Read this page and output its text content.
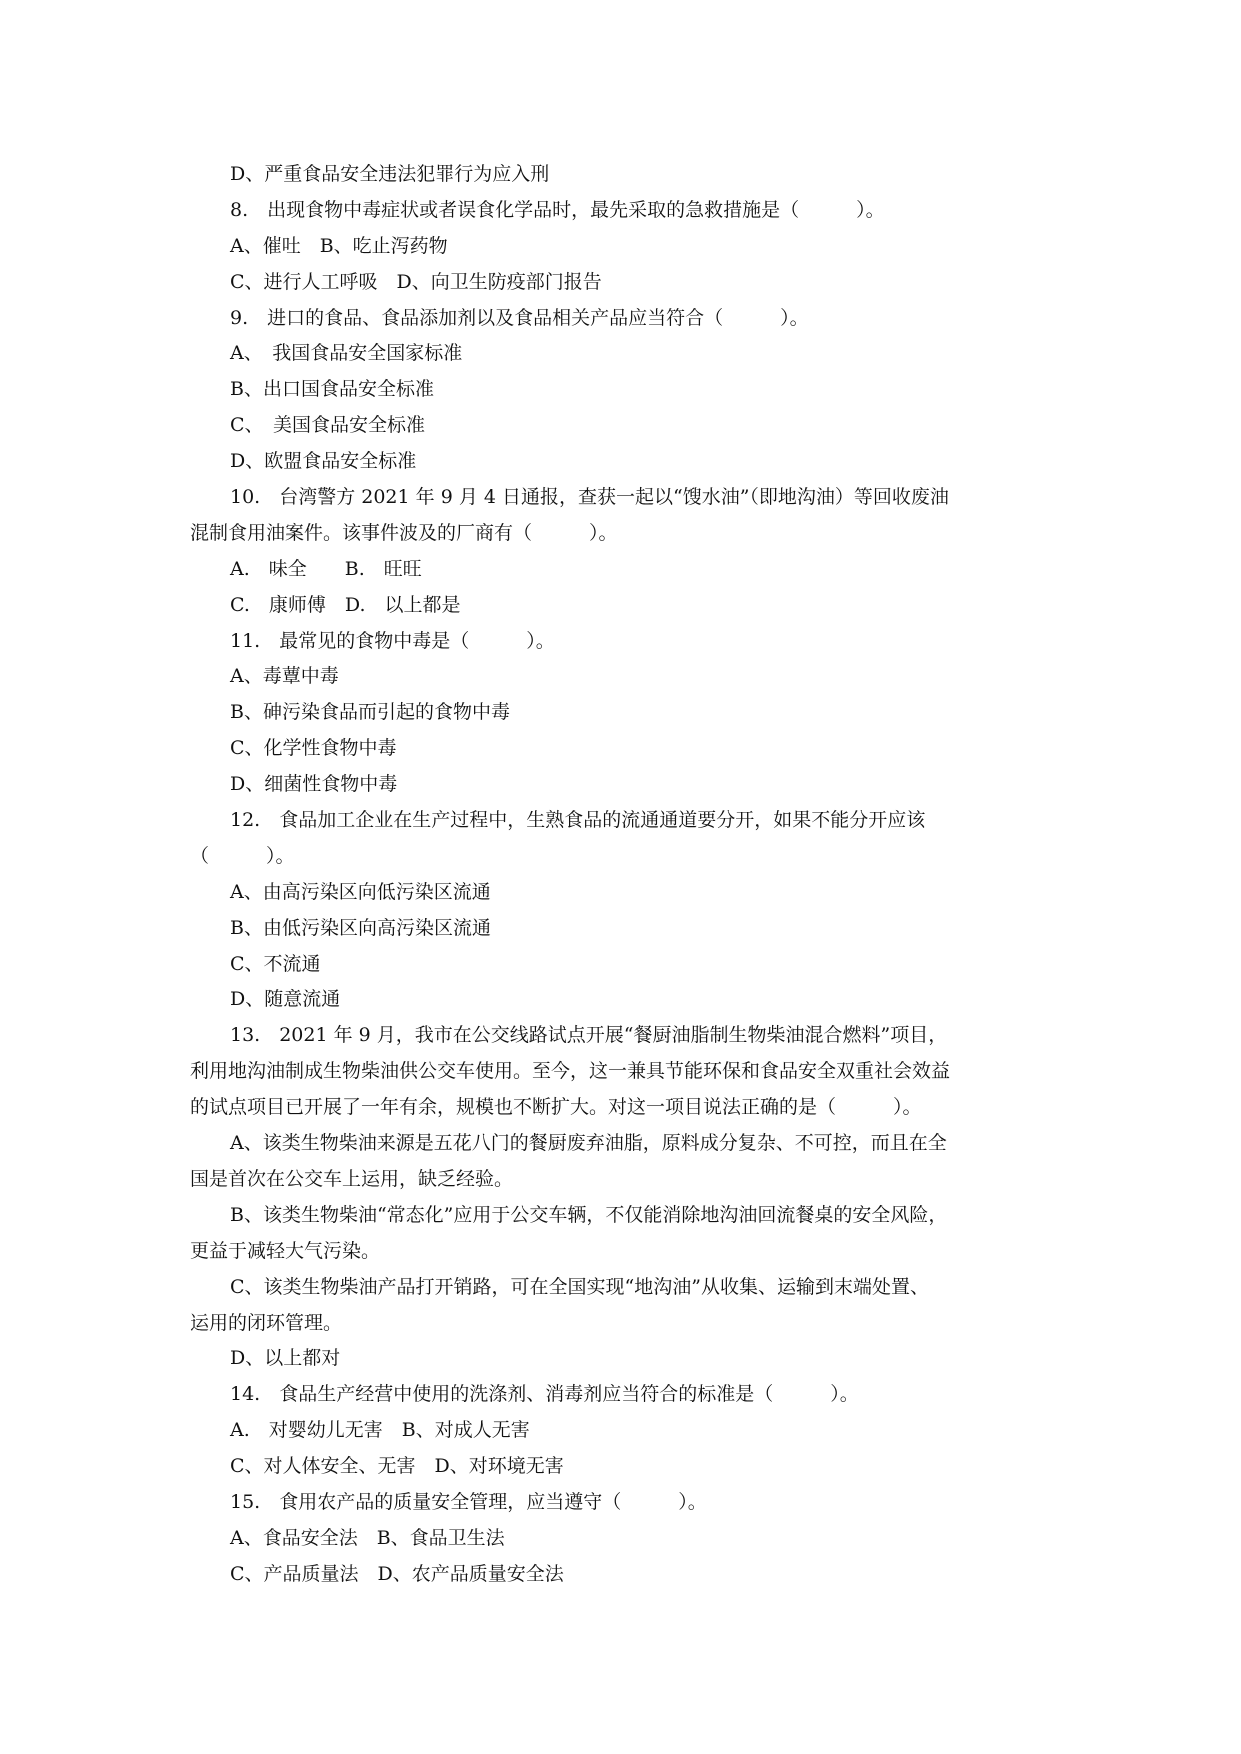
D、严重食品安全违法犯罪行为应入刑
8.　出现食物中毒症状或者误食化学品时，最先采取的急救措施是（　　　）。
A、催吐　B、吃止泻药物
C、进行人工呼吸　D、向卫生防疫部门报告
9.　进口的食品、食品添加剂以及食品相关产品应当符合（　　　）。
A、　我国食品安全国家标准
B、出口国食品安全标准
C、　美国食品安全标准
D、欧盟食品安全标准
10.　台湾警方 2021 年 9 月 4 日通报，查获一起以“馊水油”（即地沟油）等回收废油
混制食用油案件。该事件波及的厂商有（　　　）。
A.　味全　　B.　旺旺
C.　康师傅　D.　以上都是
11.　最常见的食物中毒是（　　　）。
A、毒蕈中毒
B、砷污染食品而引起的食物中毒
C、化学性食物中毒
D、细菌性食物中毒
12.　食品加工企业在生产过程中，生熟食品的流通通道要分开，如果不能分开应该
（　　　）。
A、由高污染区向低污染区流通
B、由低污染区向高污染区流通
C、不流通
D、随意流通
13.　2021 年 9 月，我市在公交线路试点开展“餐厨油脂制生物柴油混合燃料”项目，
利用地沟油制成生物柴油供公交车使用。至今，这一兼具节能环保和食品安全双重社会效益
的试点项目已开展了一年有余，规模也不断扩大。对这一项目说法正确的是（　　　）。
A、该类生物柴油来源是五花八门的餐厨废弃油脂，原料成分复杂、不可控，而且在全
国是首次在公交车上运用，缺乏经验。
B、该类生物柴油“常态化”应用于公交车辆，不仅能消除地沟油回流餐桌的安全风险，
更益于减轻大气污染。
C、该类生物柴油产品打开销路，可在全国实现“地沟油”从收集、运输到末端处置、
运用的闭环管理。
D、以上都对
14.　食品生产经营中使用的洗涤剂、消毒剂应当符合的标准是（　　　）。
A.　对婴幼儿无害　B、对成人无害
C、对人体安全、无害　D、对环境无害
15.　食用农产品的质量安全管理，应当遵守（　　　）。
A、食品安全法　B、食品卫生法
C、产品质量法　D、农产品质量安全法
